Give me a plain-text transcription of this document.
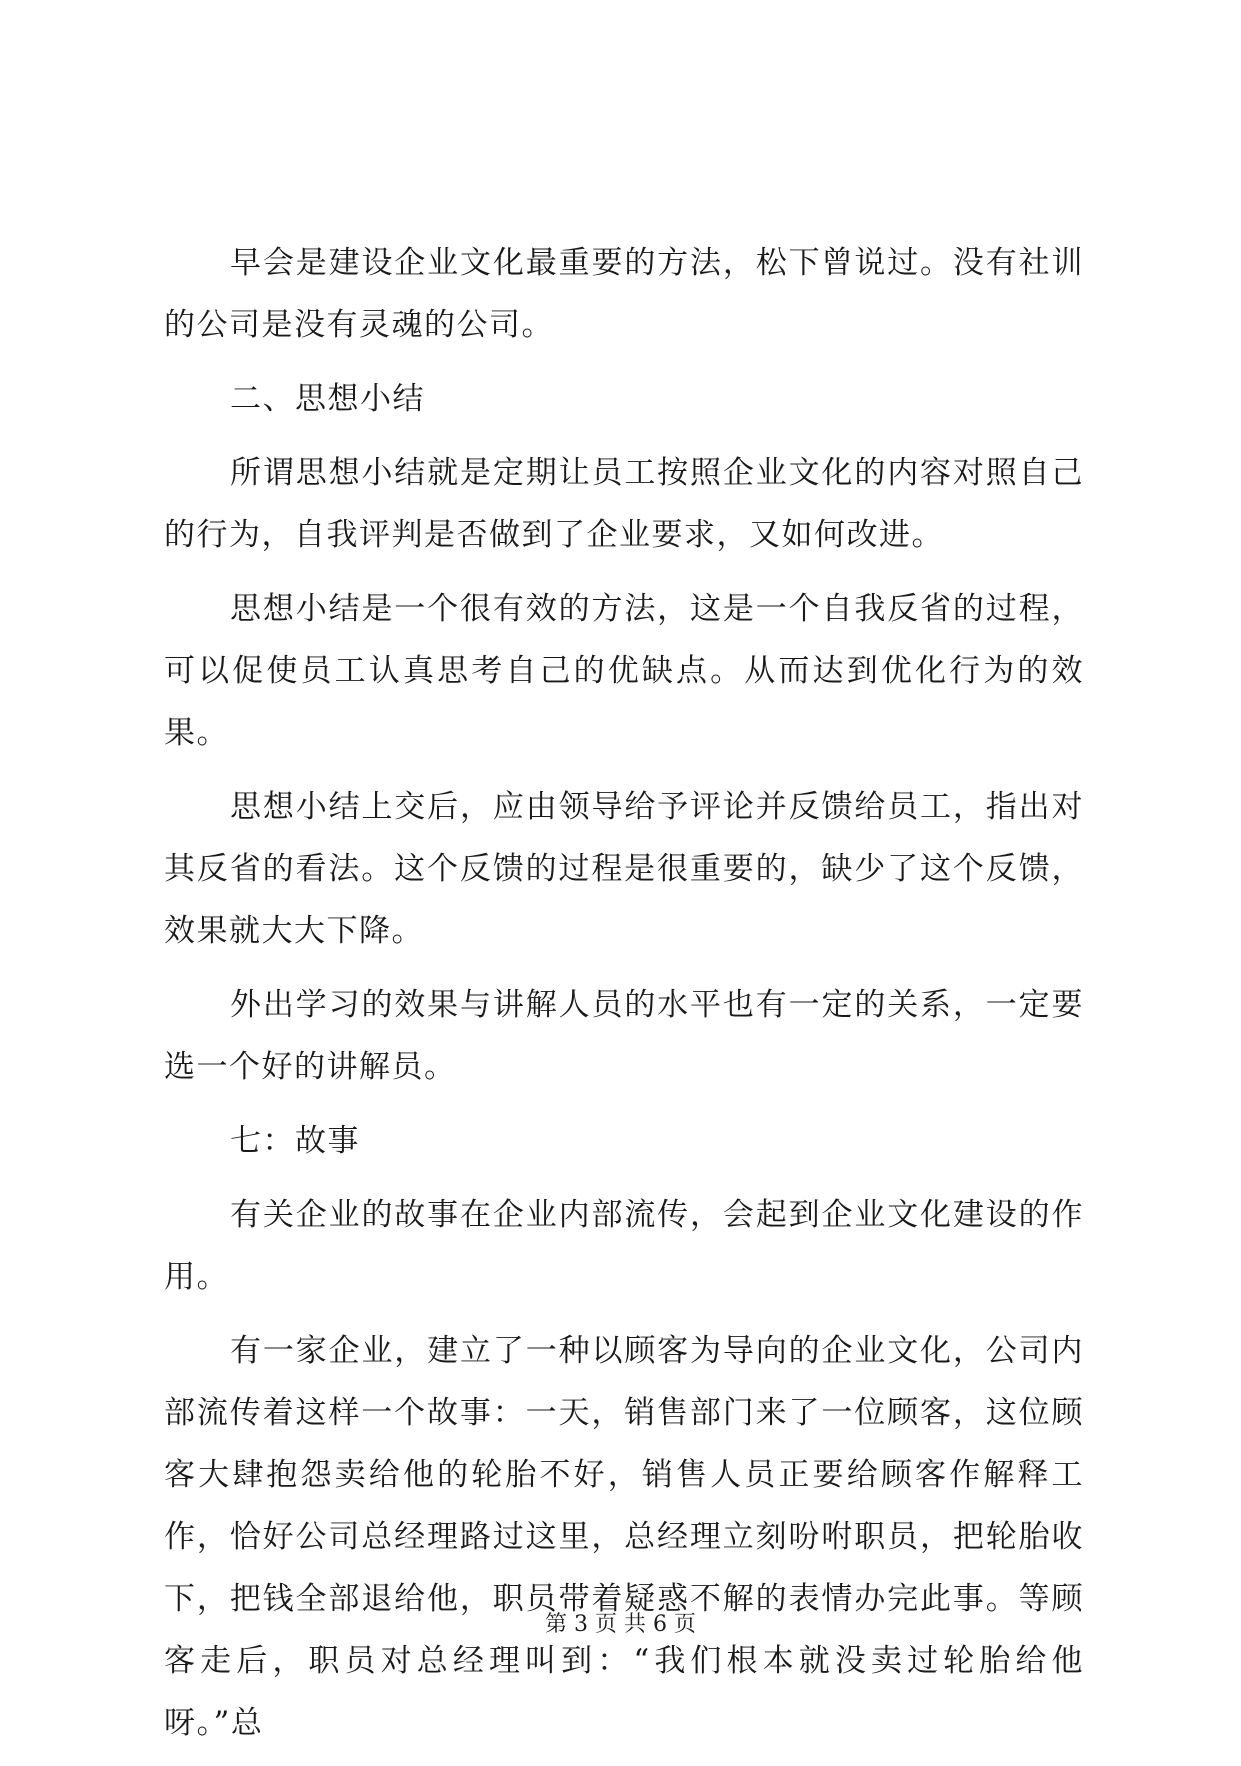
早会是建设企业文化最重要的方法，松下曾说过。没有社训的公司是没有灵魂的公司。

二、思想小结

所谓思想小结就是定期让员工按照企业文化的内容对照自己的行为，自我评判是否做到了企业要求，又如何改进。

思想小结是一个很有效的方法，这是一个自我反省的过程，可以促使员工认真思考自己的优缺点。从而达到优化行为的效果。

思想小结上交后，应由领导给予评论并反馈给员工，指出对其反省的看法。这个反馈的过程是很重要的，缺少了这个反馈，效果就大大下降。

外出学习的效果与讲解人员的水平也有一定的关系，一定要选一个好的讲解员。

七：故事

有关企业的故事在企业内部流传，会起到企业文化建设的作用。

有一家企业，建立了一种以顾客为导向的企业文化，公司内部流传着这样一个故事：一天，销售部门来了一位顾客，这位顾客大肆抱怨卖给他的轮胎不好，销售人员正要给顾客作解释工作，恰好公司总经理路过这里，总经理立刻吩咐职员，把轮胎收下，把钱全部退给他，职员带着疑惑不解的表情办完此事。等顾客走后，职员对总经理叫到：“我们根本就没卖过轮胎给他呀。”总

第 3 页 共 6 页
